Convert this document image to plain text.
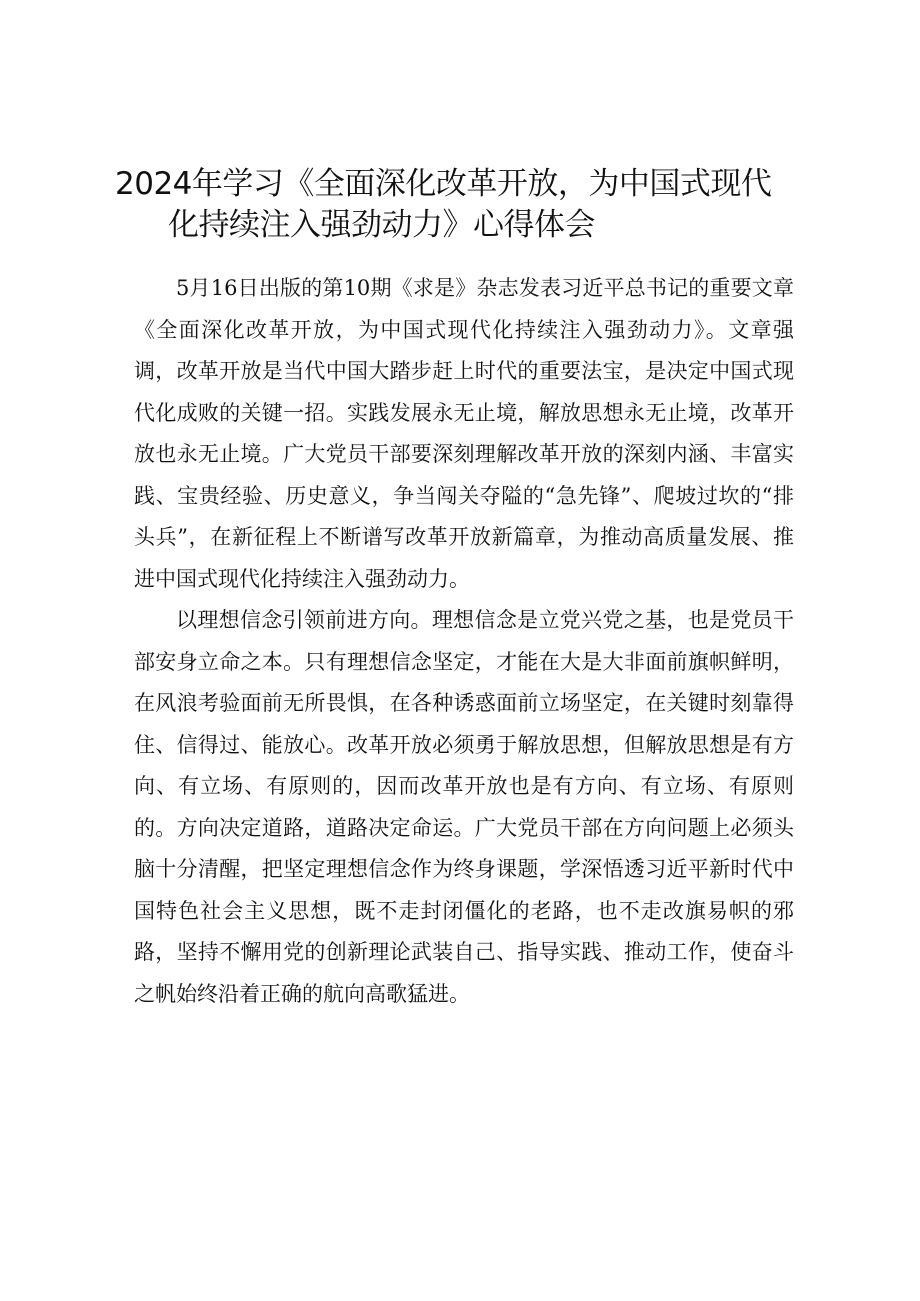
2024年学习《全面深化改革开放，为中国式现代
化持续注入强劲动力》心得体会

5月16日出版的第10期《求是》杂志发表习近平总书记的重要文章《全面深化改革开放，为中国式现代化持续注入强劲动力》。文章强调，改革开放是当代中国大踏步赶上时代的重要法宝，是决定中国式现代化成败的关键一招。实践发展永无止境，解放思想永无止境，改革开放也永无止境。广大党员干部要深刻理解改革开放的深刻内涵、丰富实践、宝贵经验、历史意义，争当闯关夺隘的“急先锋”、爬坡过坎的“排头兵”，在新征程上不断谱写改革开放新篇章，为推动高质量发展、推进中国式现代化持续注入强劲动力。

以理想信念引领前进方向。理想信念是立党兴党之基，也是党员干部安身立命之本。只有理想信念坚定，才能在大是大非面前旗帜鲜明，在风浪考验面前无所畏惧，在各种诱惑面前立场坚定，在关键时刻靠得住、信得过、能放心。改革开放必须勇于解放思想，但解放思想是有方向、有立场、有原则的，因而改革开放也是有方向、有立场、有原则的。方向决定道路，道路决定命运。广大党员干部在方向问题上必须头脑十分清醒，把坚定理想信念作为终身课题，学深悟透习近平新时代中国特色社会主义思想，既不走封闭僵化的老路，也不走改旗易帜的邪路，坚持不懈用党的创新理论武装自己、指导实践、推动工作，使奋斗之帆始终沿着正确的航向高歌猛进。
